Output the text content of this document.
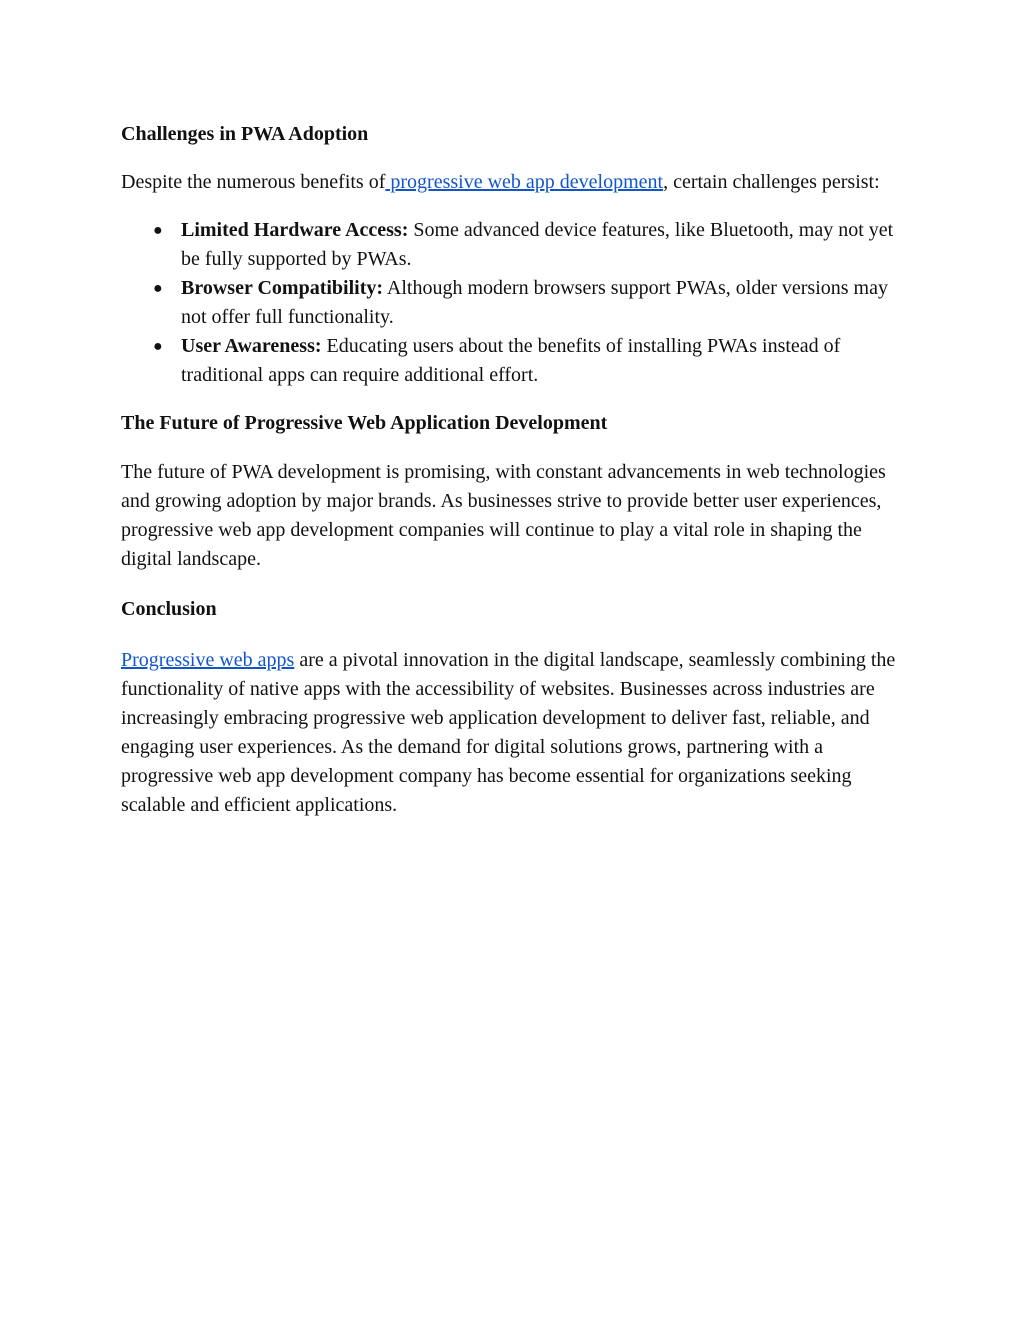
Challenges in PWA Adoption

Despite the numerous benefits of progressive web app development, certain challenges persist:

● Limited Hardware Access: Some advanced device features, like Bluetooth, may not yet be fully supported by PWAs.
● Browser Compatibility: Although modern browsers support PWAs, older versions may not offer full functionality.
● User Awareness: Educating users about the benefits of installing PWAs instead of traditional apps can require additional effort.
The Future of Progressive Web Application Development

The future of PWA development is promising, with constant advancements in web technologies and growing adoption by major brands. As businesses strive to provide better user experiences, progressive web app development companies will continue to play a vital role in shaping the digital landscape.

Conclusion

Progressive web apps are a pivotal innovation in the digital landscape, seamlessly combining the functionality of native apps with the accessibility of websites. Businesses across industries are increasingly embracing progressive web application development to deliver fast, reliable, and engaging user experiences. As the demand for digital solutions grows, partnering with a progressive web app development company has become essential for organizations seeking scalable and efficient applications.
